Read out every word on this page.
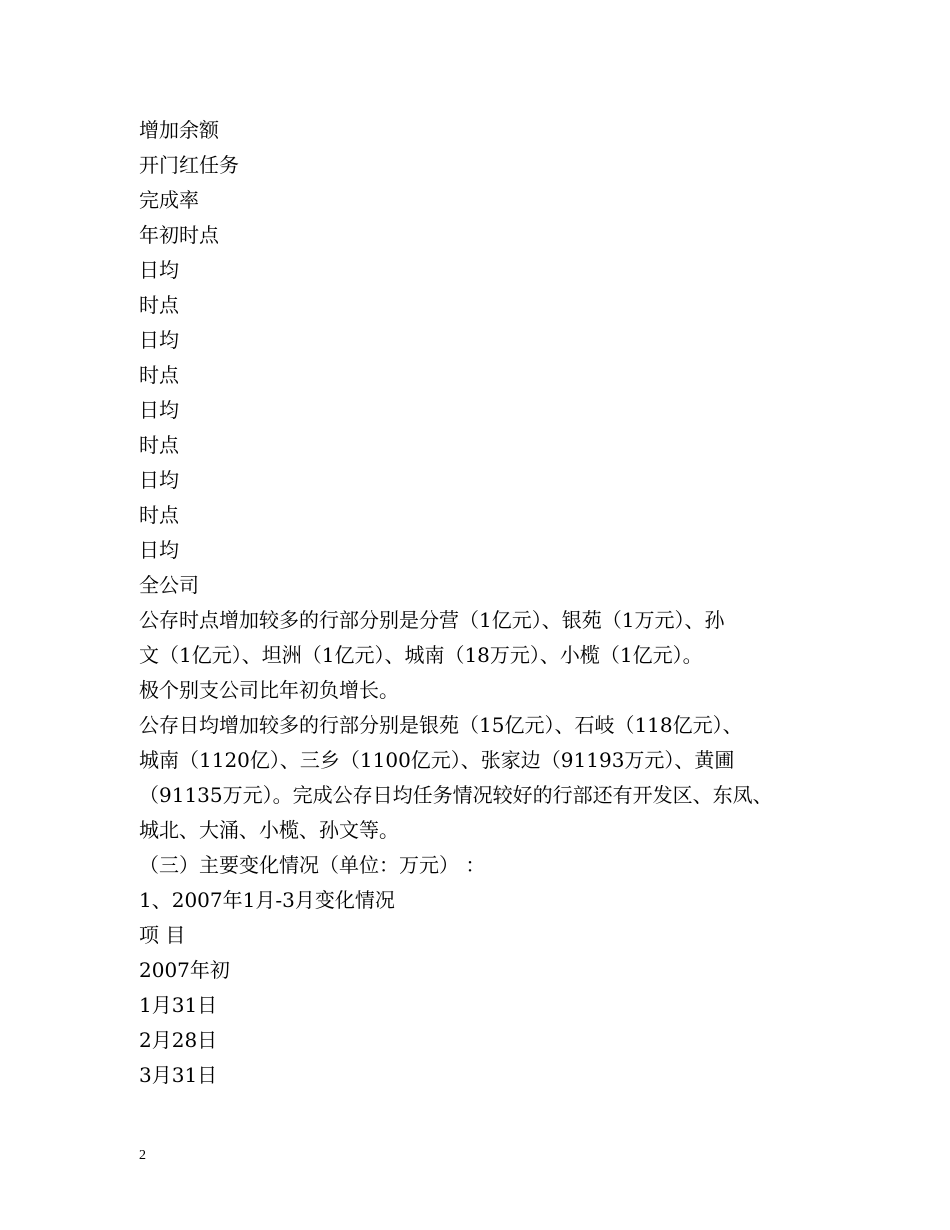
增加余额
开门红任务
完成率
年初时点
日均
时点
日均
时点
日均
时点
日均
时点
日均
全公司
公存时点增加较多的行部分别是分营（1亿元）、银苑（1万元）、孙
文（1亿元）、坦洲（1亿元）、城南（18万元）、小榄（1亿元）。
极个别支公司比年初负增长。
公存日均增加较多的行部分别是银苑（15亿元）、石岐（118亿元）、
城南（1120亿）、三乡（1100亿元）、张家边（91193万元）、黄圃
（91135万元）。完成公存日均任务情况较好的行部还有开发区、东凤、
城北、大涌、小榄、孙文等。
（三）主要变化情况（单位：万元） ：
1、2007年1月-3月变化情况
项 目
2007年初
1月31日
2月28日
3月31日
2
